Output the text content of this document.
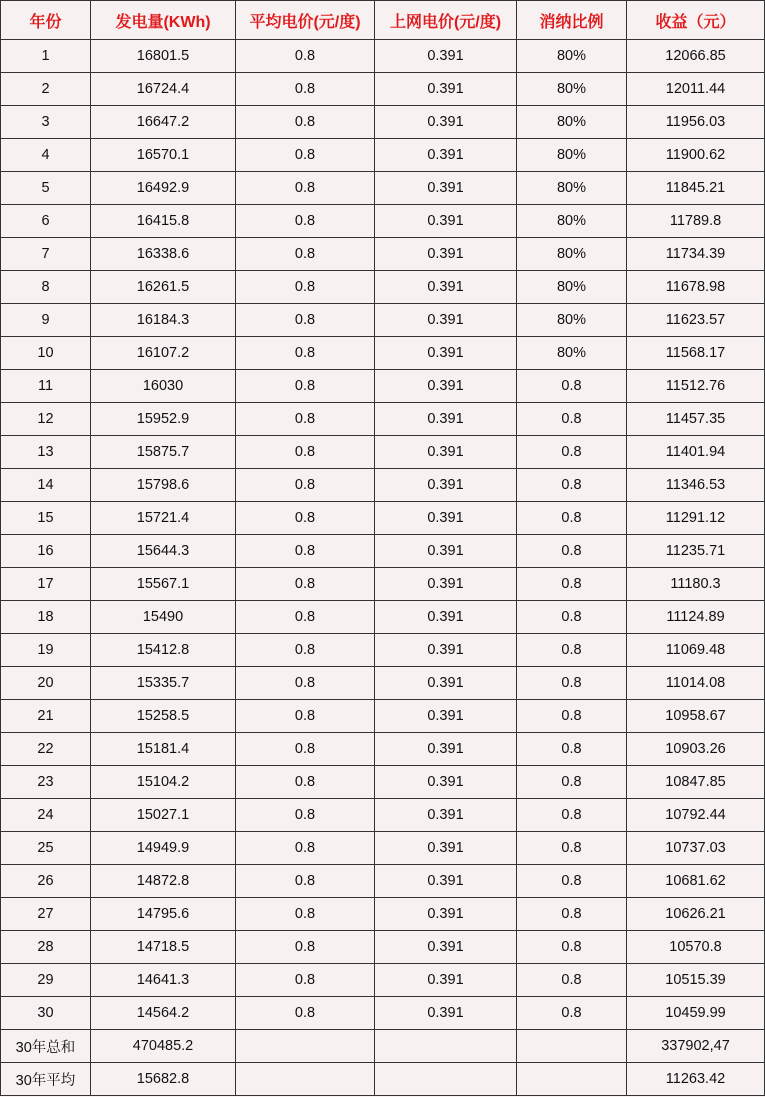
年份	发电量(KWh)	平均电价(元/度)	上网电价(元/度)	消纳比例	收益（元）
1	16801.5	0.8	0.391	80%	12066.85
2	16724.4	0.8	0.391	80%	12011.44
3	16647.2	0.8	0.391	80%	11956.03
4	16570.1	0.8	0.391	80%	11900.62
5	16492.9	0.8	0.391	80%	11845.21
6	16415.8	0.8	0.391	80%	11789.8
7	16338.6	0.8	0.391	80%	11734.39
8	16261.5	0.8	0.391	80%	11678.98
9	16184.3	0.8	0.391	80%	11623.57
10	16107.2	0.8	0.391	80%	11568.17
11	16030	0.8	0.391	0.8	11512.76
12	15952.9	0.8	0.391	0.8	11457.35
13	15875.7	0.8	0.391	0.8	11401.94
14	15798.6	0.8	0.391	0.8	11346.53
15	15721.4	0.8	0.391	0.8	11291.12
16	15644.3	0.8	0.391	0.8	11235.71
17	15567.1	0.8	0.391	0.8	11180.3
18	15490	0.8	0.391	0.8	11124.89
19	15412.8	0.8	0.391	0.8	11069.48
20	15335.7	0.8	0.391	0.8	11014.08
21	15258.5	0.8	0.391	0.8	10958.67
22	15181.4	0.8	0.391	0.8	10903.26
23	15104.2	0.8	0.391	0.8	10847.85
24	15027.1	0.8	0.391	0.8	10792.44
25	14949.9	0.8	0.391	0.8	10737.03
26	14872.8	0.8	0.391	0.8	10681.62
27	14795.6	0.8	0.391	0.8	10626.21
28	14718.5	0.8	0.391	0.8	10570.8
29	14641.3	0.8	0.391	0.8	10515.39
30	14564.2	0.8	0.391	0.8	10459.99
30年总和	470485.2				337902,47
30年平均	15682.8				11263.42
